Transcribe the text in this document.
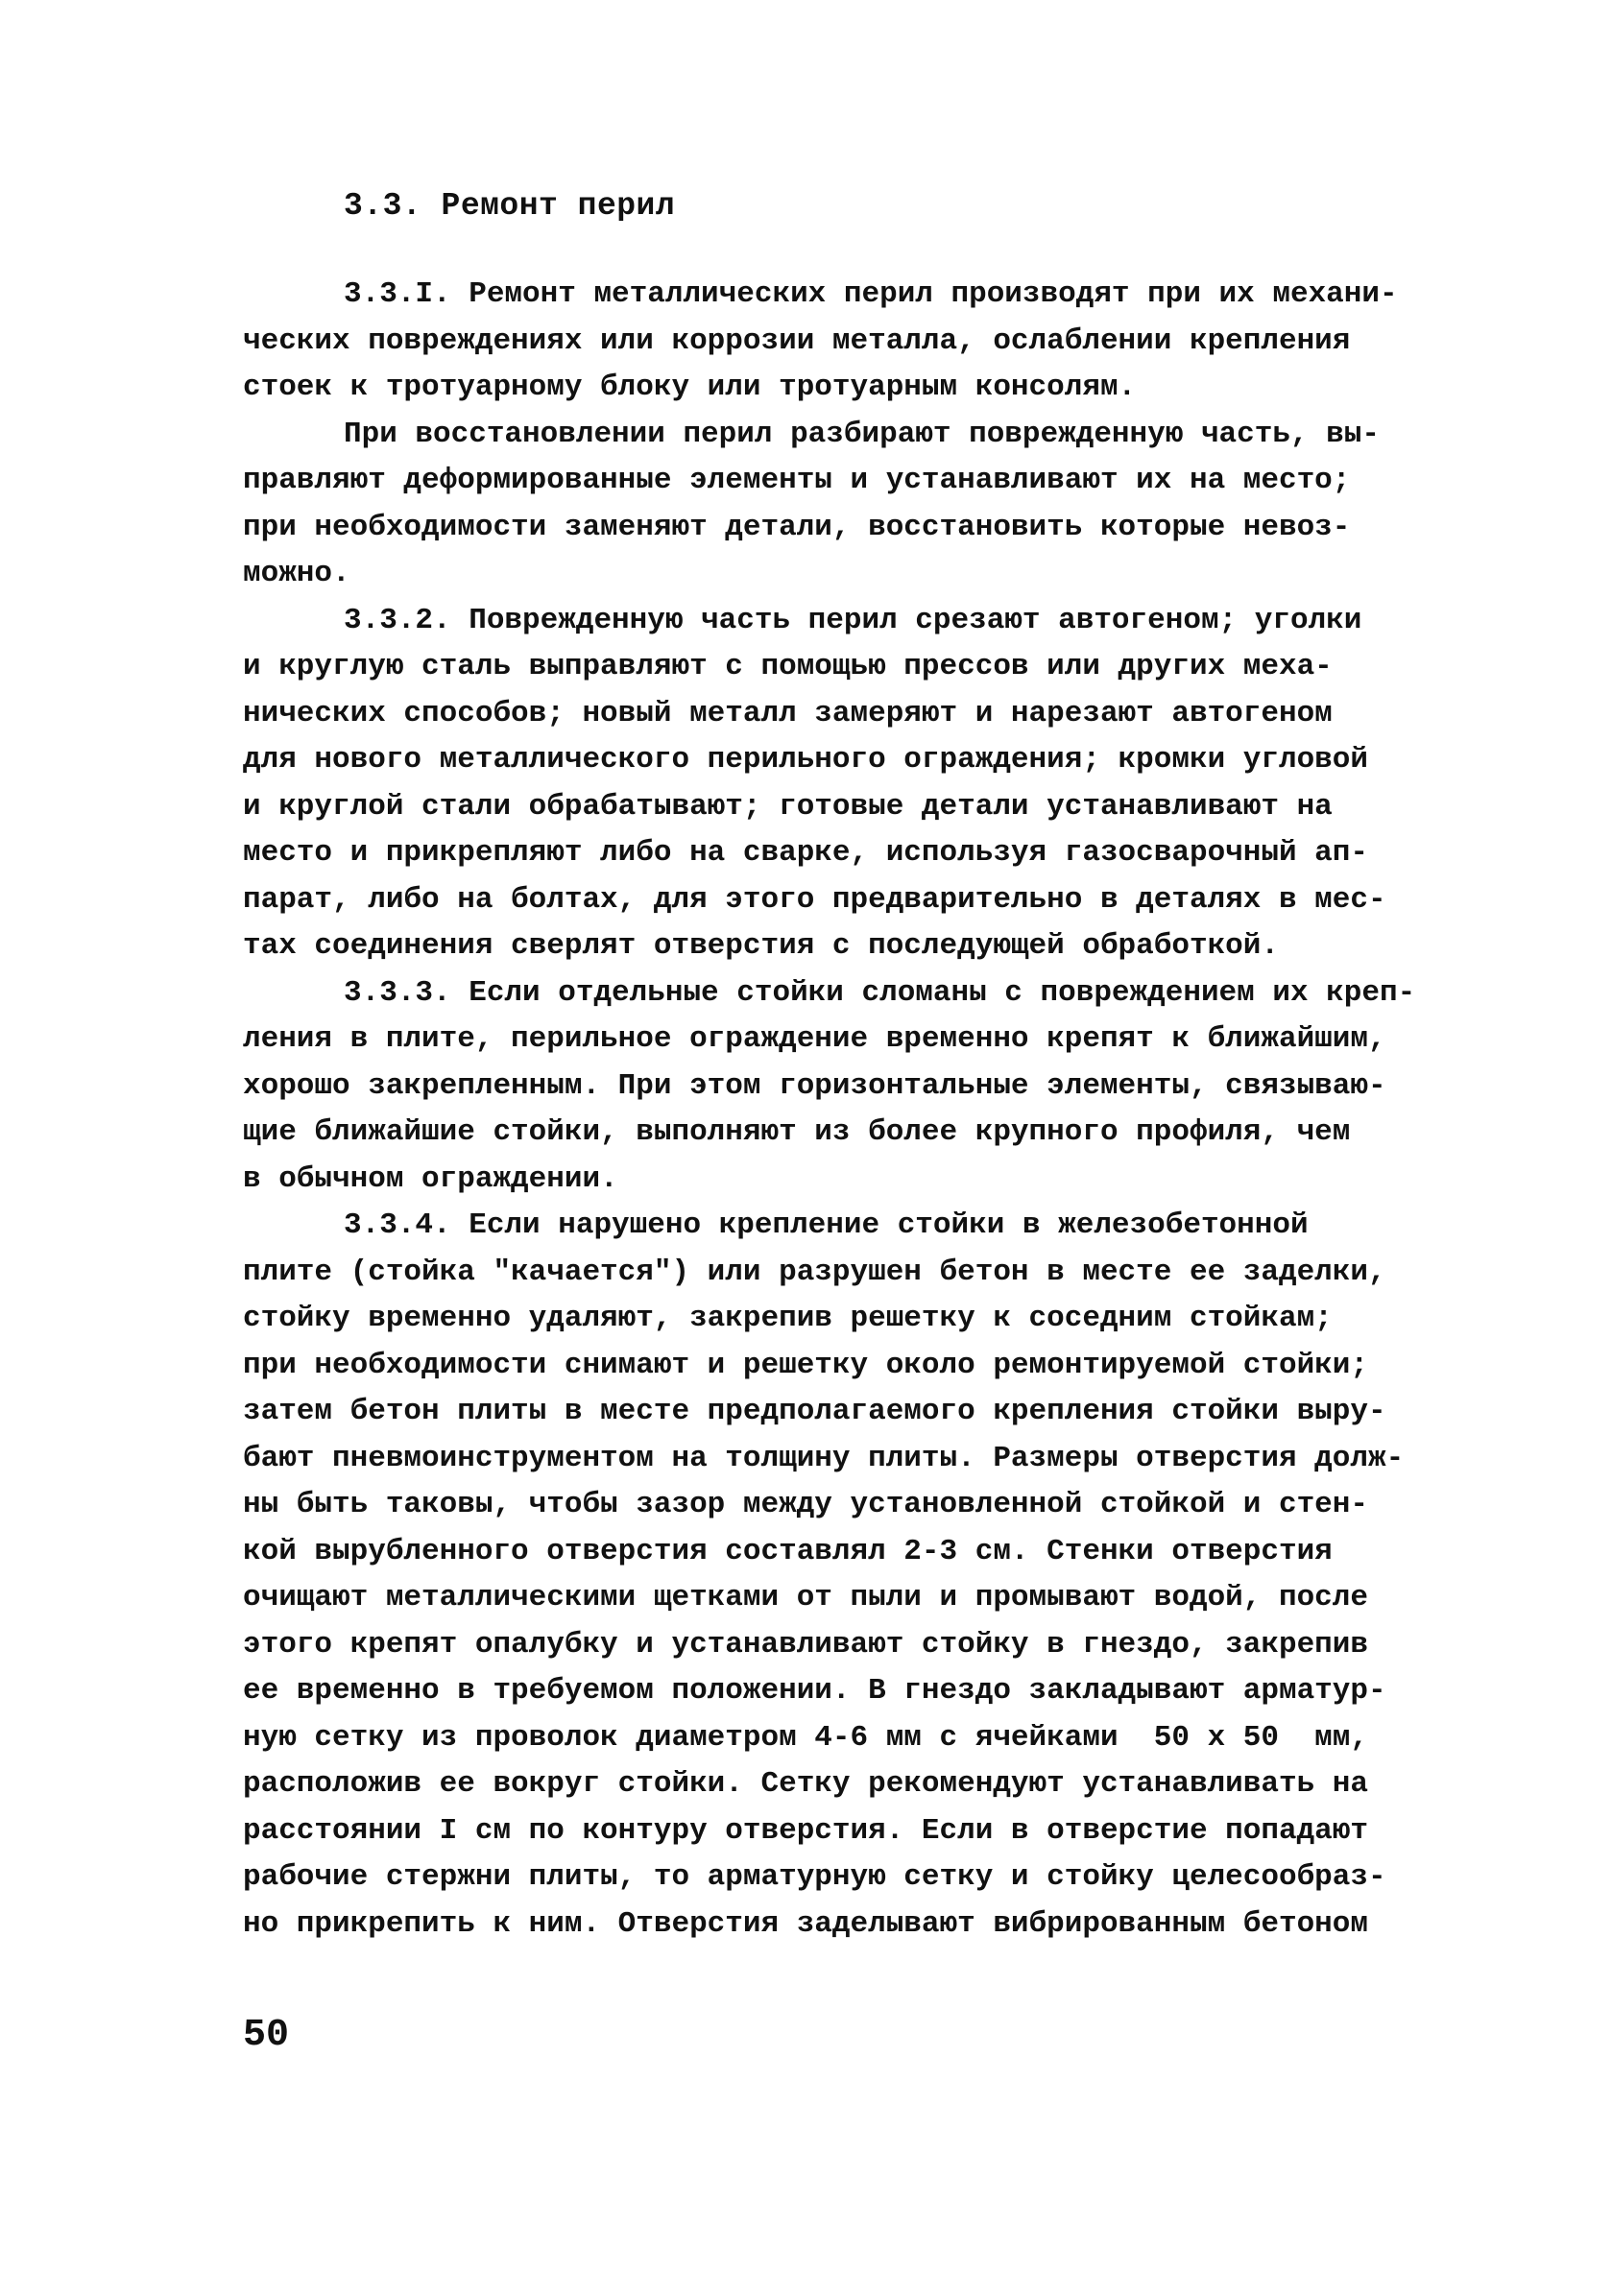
3.3. Ремонт перил
3.3.I. Ремонт металлических перил производят при их механи-
ческих повреждениях или коррозии металла, ослаблении крепления
стоек к тротуарному блоку или тротуарным консолям.
При восстановлении перил разбирают поврежденную часть, вы-
правляют деформированные элементы и устанавливают их на место;
при необходимости заменяют детали, восстановить которые невоз-
можно.
3.3.2. Поврежденную часть перил срезают автогеном; уголки
и круглую сталь выправляют с помощью прессов или других меха-
нических способов; новый металл замеряют и нарезают автогеном
для нового металлического перильного ограждения; кромки угловой
и круглой стали обрабатывают; готовые детали устанавливают на
место и прикрепляют либо на сварке, используя газосварочный ап-
парат, либо на болтах, для этого предварительно в деталях в мес-
тах соединения сверлят отверстия с последующей обработкой.
3.3.3. Если отдельные стойки сломаны с повреждением их креп-
ления в плите, перильное ограждение временно крепят к ближайшим,
хорошо закрепленным. При этом горизонтальные элементы, связываю-
щие ближайшие стойки, выполняют из более крупного профиля, чем
в обычном ограждении.
3.3.4. Если нарушено крепление стойки в железобетонной
плите (стойка "качается") или разрушен бетон в месте ее заделки,
стойку временно удаляют, закрепив решетку к соседним стойкам;
при необходимости снимают и решетку около ремонтируемой стойки;
затем бетон плиты в месте предполагаемого крепления стойки выру-
бают пневмоинструментом на толщину плиты. Размеры отверстия долж-
ны быть таковы, чтобы зазор между установленной стойкой и стен-
кой вырубленного отверстия составлял 2-3 см. Стенки отверстия
очищают металлическими щетками от пыли и промывают водой, после
этого крепят опалубку и устанавливают стойку в гнездо, закрепив
ее временно в требуемом положении. В гнездо закладывают арматур-
ную сетку из проволок диаметром 4-6 мм с ячейками  50 х 50  мм,
расположив ее вокруг стойки. Сетку рекомендуют устанавливать на
расстоянии I см по контуру отверстия. Если в отверстие попадают
рабочие стержни плиты, то арматурную сетку и стойку целесообраз-
но прикрепить к ним. Отверстия заделывают вибрированным бетоном
50
